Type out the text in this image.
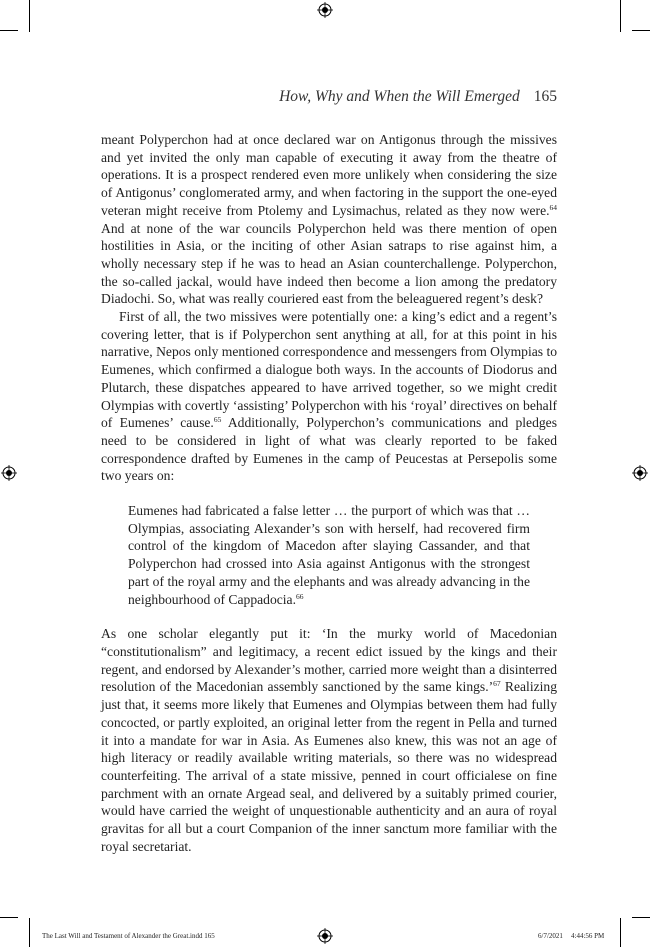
How, Why and When the Will Emerged 165

meant Polyperchon had at once declared war on Antigonus through the missives and yet invited the only man capable of executing it away from the theatre of operations. It is a prospect rendered even more unlikely when considering the size of Antigonus’ conglomerated army, and when factoring in the support the one-eyed veteran might receive from Ptolemy and Lysimachus, related as they now were.$^{64}$ And at none of the war councils Polyperchon held was there mention of open hostilities in Asia, or the inciting of other Asian satraps to rise against him, a wholly necessary step if he was to head an Asian counterchallenge. Polyperchon, the so-called jackal, would have indeed then become a lion among the predatory Diadochi. So, what was really couriered east from the beleaguered regent’s desk?

First of all, the two missives were potentially one: a king’s edict and a regent’s covering letter, that is if Polyperchon sent anything at all, for at this point in his narrative, Nepos only mentioned correspondence and messengers from Olympias to Eumenes, which confirmed a dialogue both ways. In the accounts of Diodorus and Plutarch, these dispatches appeared to have arrived together, so we might credit Olympias with covertly ‘assisting’ Polyperchon with his ‘royal’ directives on behalf of Eumenes’ cause.$^{65}$ Additionally, Polyperchon’s communications and pledges need to be considered in light of what was clearly reported to be faked correspondence drafted by Eumenes in the camp of Peucestas at Persepolis some two years on:

Eumenes had fabricated a false letter … the purport of which was that … Olympias, associating Alexander’s son with herself, had recovered firm control of the kingdom of Macedon after slaying Cassander, and that Polyperchon had crossed into Asia against Antigonus with the strongest part of the royal army and the elephants and was already advancing in the neighbourhood of Cappadocia.$^{66}$

As one scholar elegantly put it: ‘In the murky world of Macedonian “constitutionalism” and legitimacy, a recent edict issued by the kings and their regent, and endorsed by Alexander’s mother, carried more weight than a disinterred resolution of the Macedonian assembly sanctioned by the same kings.’$^{67}$ Realizing just that, it seems more likely that Eumenes and Olympias between them had fully concocted, or partly exploited, an original letter from the regent in Pella and turned it into a mandate for war in Asia. As Eumenes also knew, this was not an age of high literacy or readily available writing materials, so there was no widespread counterfeiting. The arrival of a state missive, penned in court officialese on fine parchment with an ornate Argead seal, and delivered by a suitably primed courier, would have carried the weight of unquestionable authenticity and an aura of royal gravitas for all but a court Companion of the inner sanctum more familiar with the royal secretariat.

The Last Will and Testament of Alexander the Great.indd 165	6/7/2021 4:44:56 PM
